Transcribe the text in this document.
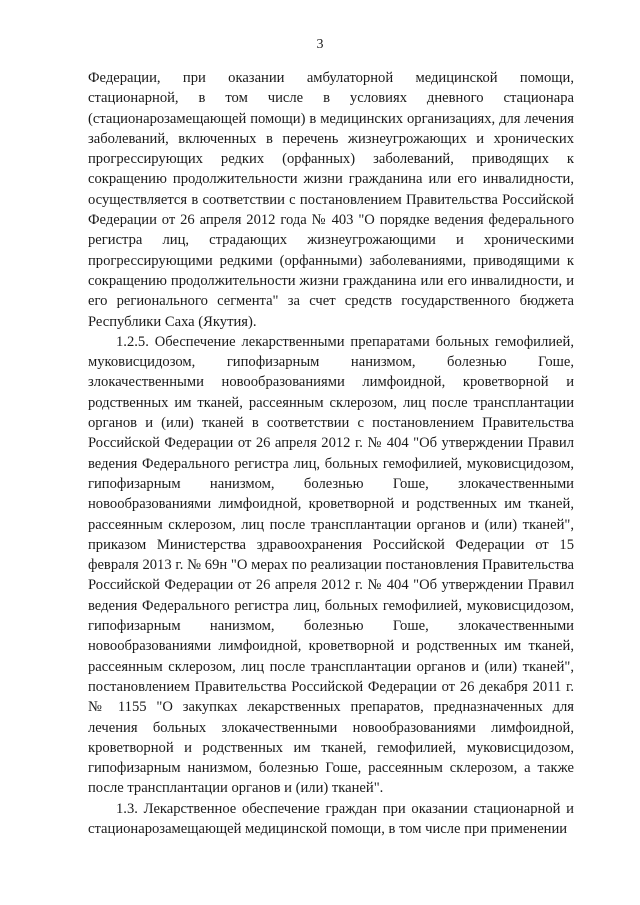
3

Федерации, при оказании амбулаторной медицинской помощи, стационарной, в том числе в условиях дневного стационара (стационарозамещающей помощи) в медицинских организациях, для лечения заболеваний, включенных в перечень жизнеугрожающих и хронических прогрессирующих редких (орфанных) заболеваний, приводящих к сокращению продолжительности жизни гражданина или его инвалидности, осуществляется в соответствии с постановлением Правительства Российской Федерации от 26 апреля 2012 года № 403 "О порядке ведения федерального регистра лиц, страдающих жизнеугрожающими и хроническими прогрессирующими редкими (орфанными) заболеваниями, приводящими к сокращению продолжительности жизни гражданина или его инвалидности, и его регионального сегмента" за счет средств государственного бюджета Республики Саха (Якутия).

1.2.5. Обеспечение лекарственными препаратами больных гемофилией, муковисцидозом, гипофизарным нанизмом, болезнью Гоше, злокачественными новообразованиями лимфоидной, кроветворной и родственных им тканей, рассеянным склерозом, лиц после трансплантации органов и (или) тканей в соответствии с постановлением Правительства Российской Федерации от 26 апреля 2012 г. № 404 "Об утверждении Правил ведения Федерального регистра лиц, больных гемофилией, муковисцидозом, гипофизарным нанизмом, болезнью Гоше, злокачественными новообразованиями лимфоидной, кроветворной и родственных им тканей, рассеянным склерозом, лиц после трансплантации органов и (или) тканей", приказом Министерства здравоохранения Российской Федерации от 15 февраля 2013 г. № 69н "О мерах по реализации постановления Правительства Российской Федерации от 26 апреля 2012 г. № 404 "Об утверждении Правил ведения Федерального регистра лиц, больных гемофилией, муковисцидозом, гипофизарным нанизмом, болезнью Гоше, злокачественными новообразованиями лимфоидной, кроветворной и родственных им тканей, рассеянным склерозом, лиц после трансплантации органов и (или) тканей", постановлением Правительства Российской Федерации от 26 декабря 2011 г. № 1155 "О закупках лекарственных препаратов, предназначенных для лечения больных злокачественными новообразованиями лимфоидной, кроветворной и родственных им тканей, гемофилией, муковисцидозом, гипофизарным нанизмом, болезнью Гоше, рассеянным склерозом, а также после трансплантации органов и (или) тканей".

1.3. Лекарственное обеспечение граждан при оказании стационарной и стационарозамещающей медицинской помощи, в том числе при применении
